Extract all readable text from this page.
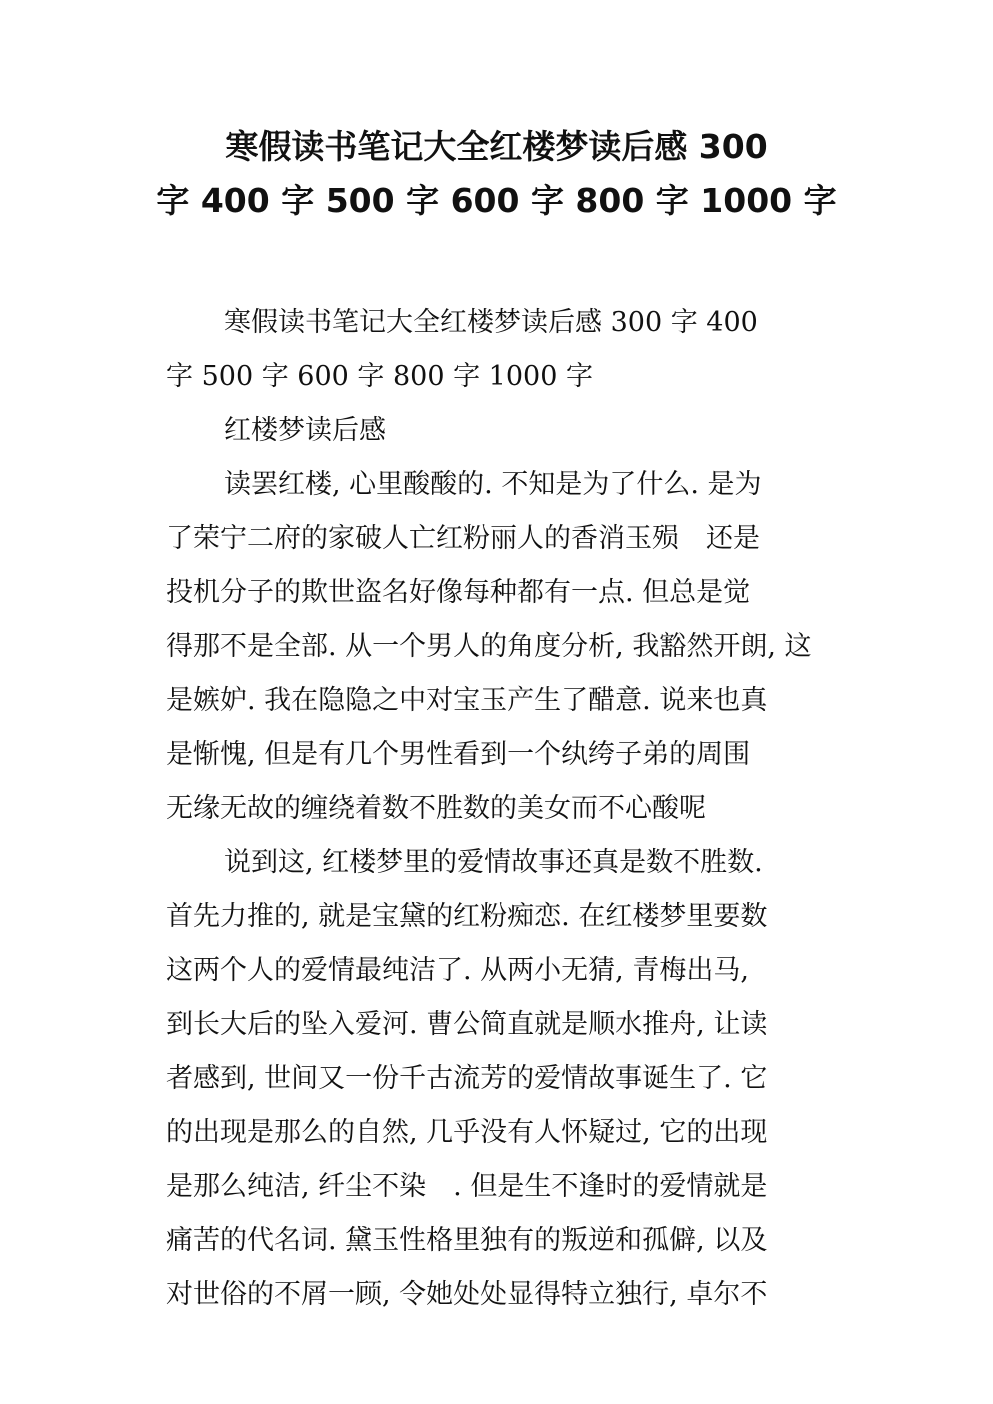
寒假读书笔记大全红楼梦读后感 300
字 400 字 500 字 600 字 800 字 1000 字
寒假读书笔记大全红楼梦读后感 300 字 400
字 500 字 600 字 800 字 1000 字
红楼梦读后感
读罢红楼, 心里酸酸的. 不知是为了什么. 是为
了荣宁二府的家破人亡红粉丽人的香消玉殒　还是
投机分子的欺世盗名好像每种都有一点. 但总是觉
得那不是全部. 从一个男人的角度分析, 我豁然开朗, 这
是嫉妒. 我在隐隐之中对宝玉产生了醋意. 说来也真
是惭愧, 但是有几个男性看到一个纨绔子弟的周围
无缘无故的缠绕着数不胜数的美女而不心酸呢
说到这, 红楼梦里的爱情故事还真是数不胜数.
首先力推的, 就是宝黛的红粉痴恋. 在红楼梦里要数
这两个人的爱情最纯洁了. 从两小无猜, 青梅出马,
到长大后的坠入爱河. 曹公简直就是顺水推舟, 让读
者感到, 世间又一份千古流芳的爱情故事诞生了. 它
的出现是那么的自然, 几乎没有人怀疑过, 它的出现
是那么纯洁, 纤尘不染　. 但是生不逢时的爱情就是
痛苦的代名词. 黛玉性格里独有的叛逆和孤僻, 以及
对世俗的不屑一顾, 令她处处显得特立独行, 卓尔不
